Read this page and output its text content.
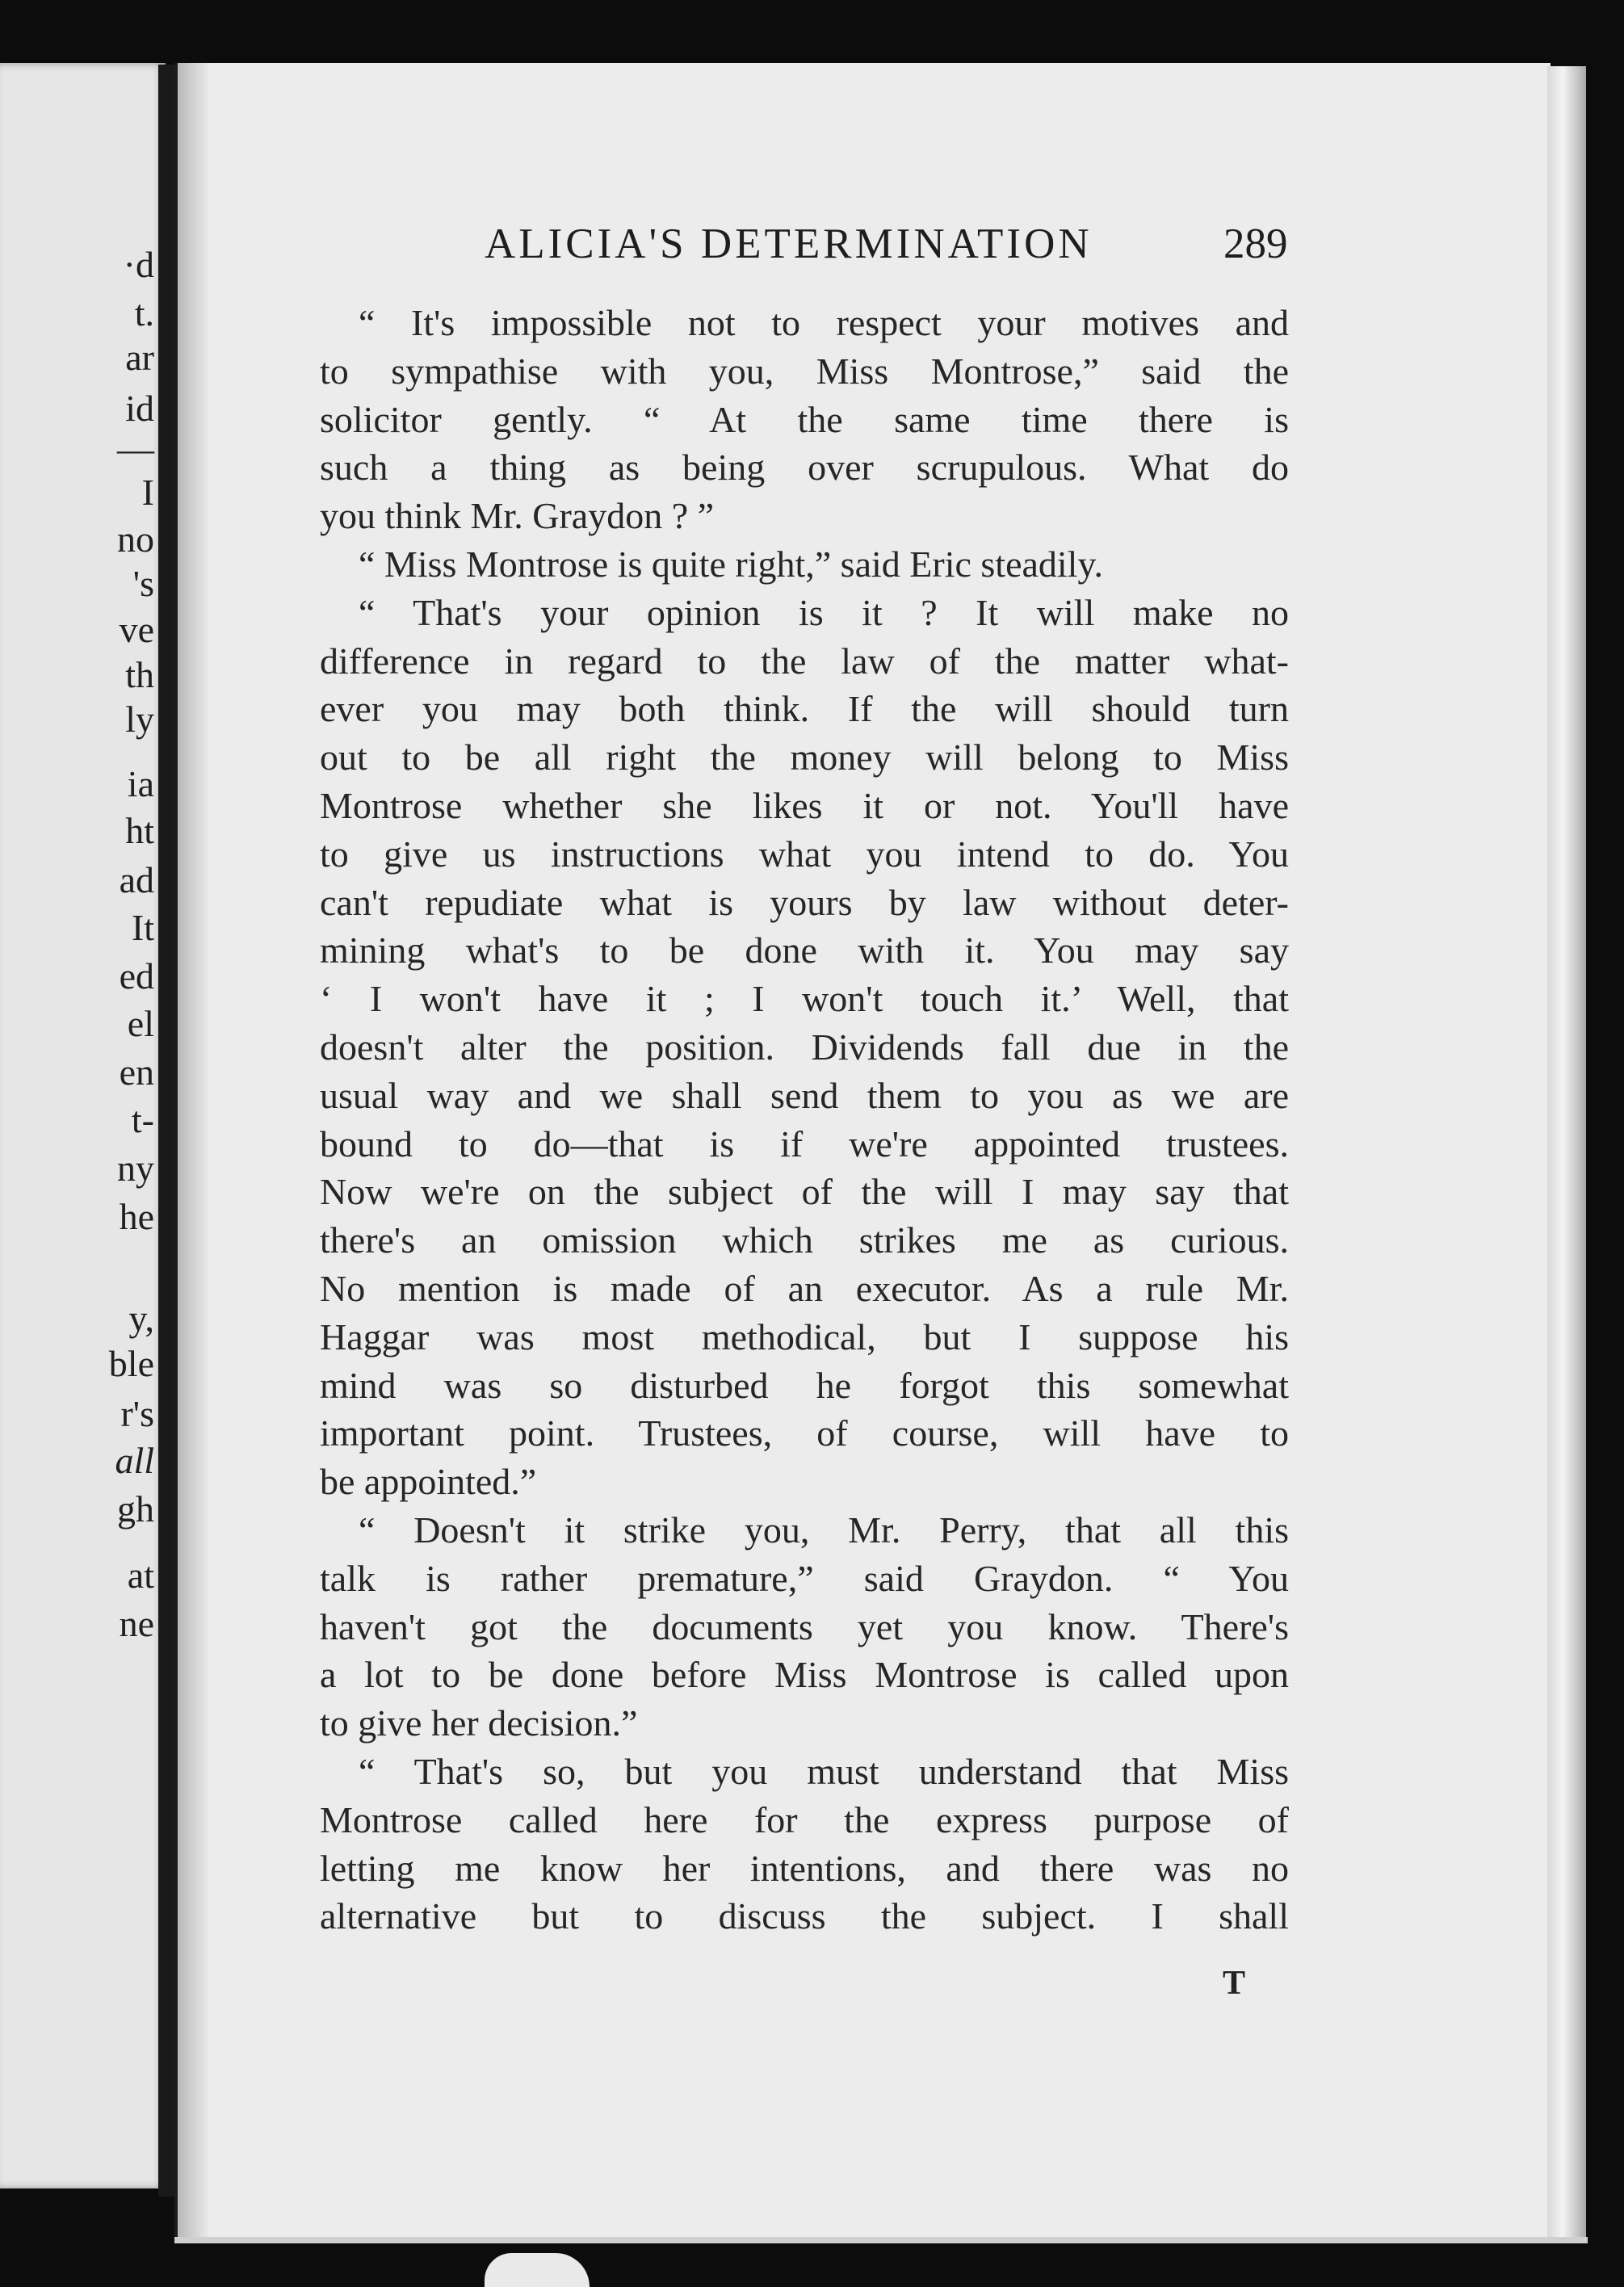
·d

t.

ar

id

—

I

no

's

ve

th

ly

ia

ht

ad

It

ed

el

en

t-

ny

he

y,

ble

r's

all

gh

at

ne

ALICIA'S DETERMINATION	289

“ It's impossible not to respect your motives and
to sympathise with you, Miss Montrose,” said the
solicitor gently. “ At the same time there is
such a thing as being over scrupulous. What do
you think Mr. Graydon ? ”
“ Miss Montrose is quite right,” said Eric steadily.
“ That's your opinion is it ? It will make no
difference in regard to the law of the matter what-
ever you may both think. If the will should turn
out to be all right the money will belong to Miss
Montrose whether she likes it or not. You'll have
to give us instructions what you intend to do. You
can't repudiate what is yours by law without deter-
mining what's to be done with it. You may say
‘ I won't have it ; I won't touch it.’ Well, that
doesn't alter the position. Dividends fall due in the
usual way and we shall send them to you as we are
bound to do—that is if we're appointed trustees.
Now we're on the subject of the will I may say that
there's an omission which strikes me as curious.
No mention is made of an executor. As a rule Mr.
Haggar was most methodical, but I suppose his
mind was so disturbed he forgot this somewhat
important point. Trustees, of course, will have to
be appointed.”
“ Doesn't it strike you, Mr. Perry, that all this
talk is rather premature,” said Graydon. “ You
haven't got the documents yet you know. There's
a lot to be done before Miss Montrose is called upon
to give her decision.”
“ That's so, but you must understand that Miss
Montrose called here for the express purpose of
letting me know her intentions, and there was no
alternative but to discuss the subject. I shall

T
